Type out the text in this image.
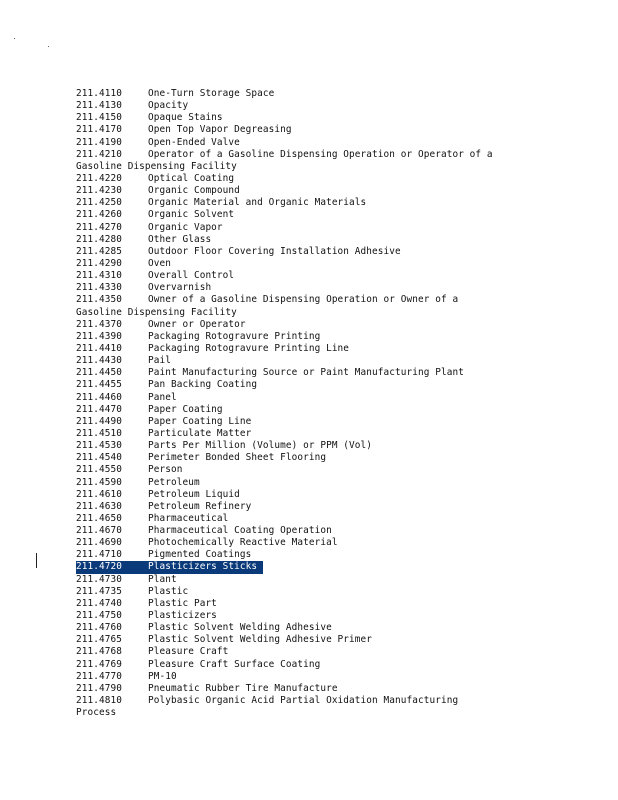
211.4110	One-Turn Storage Space
211.4130	Opacity
211.4150	Opaque Stains
211.4170	Open Top Vapor Degreasing
211.4190	Open-Ended Valve
211.4210	Operator of a Gasoline Dispensing Operation or Operator of a
Gasoline Dispensing Facility
211.4220	Optical Coating
211.4230	Organic Compound
211.4250	Organic Material and Organic Materials
211.4260	Organic Solvent
211.4270	Organic Vapor
211.4280	Other Glass
211.4285	Outdoor Floor Covering Installation Adhesive
211.4290	Oven
211.4310	Overall Control
211.4330	Overvarnish
211.4350	Owner of a Gasoline Dispensing Operation or Owner of a
Gasoline Dispensing Facility
211.4370	Owner or Operator
211.4390	Packaging Rotogravure Printing
211.4410	Packaging Rotogravure Printing Line
211.4430	Pail
211.4450	Paint Manufacturing Source or Paint Manufacturing Plant
211.4455	Pan Backing Coating
211.4460	Panel
211.4470	Paper Coating
211.4490	Paper Coating Line
211.4510	Particulate Matter
211.4530	Parts Per Million (Volume) or PPM (Vol)
211.4540	Perimeter Bonded Sheet Flooring
211.4550	Person
211.4590	Petroleum
211.4610	Petroleum Liquid
211.4630	Petroleum Refinery
211.4650	Pharmaceutical
211.4670	Pharmaceutical Coating Operation
211.4690	Photochemically Reactive Material
211.4710	Pigmented Coatings
211.4720	Plasticizers Sticks
211.4730	Plant
211.4735	Plastic
211.4740	Plastic Part
211.4750	Plasticizers
211.4760	Plastic Solvent Welding Adhesive
211.4765	Plastic Solvent Welding Adhesive Primer
211.4768	Pleasure Craft
211.4769	Pleasure Craft Surface Coating
211.4770	PM-10
211.4790	Pneumatic Rubber Tire Manufacture
211.4810	Polybasic Organic Acid Partial Oxidation Manufacturing
Process
